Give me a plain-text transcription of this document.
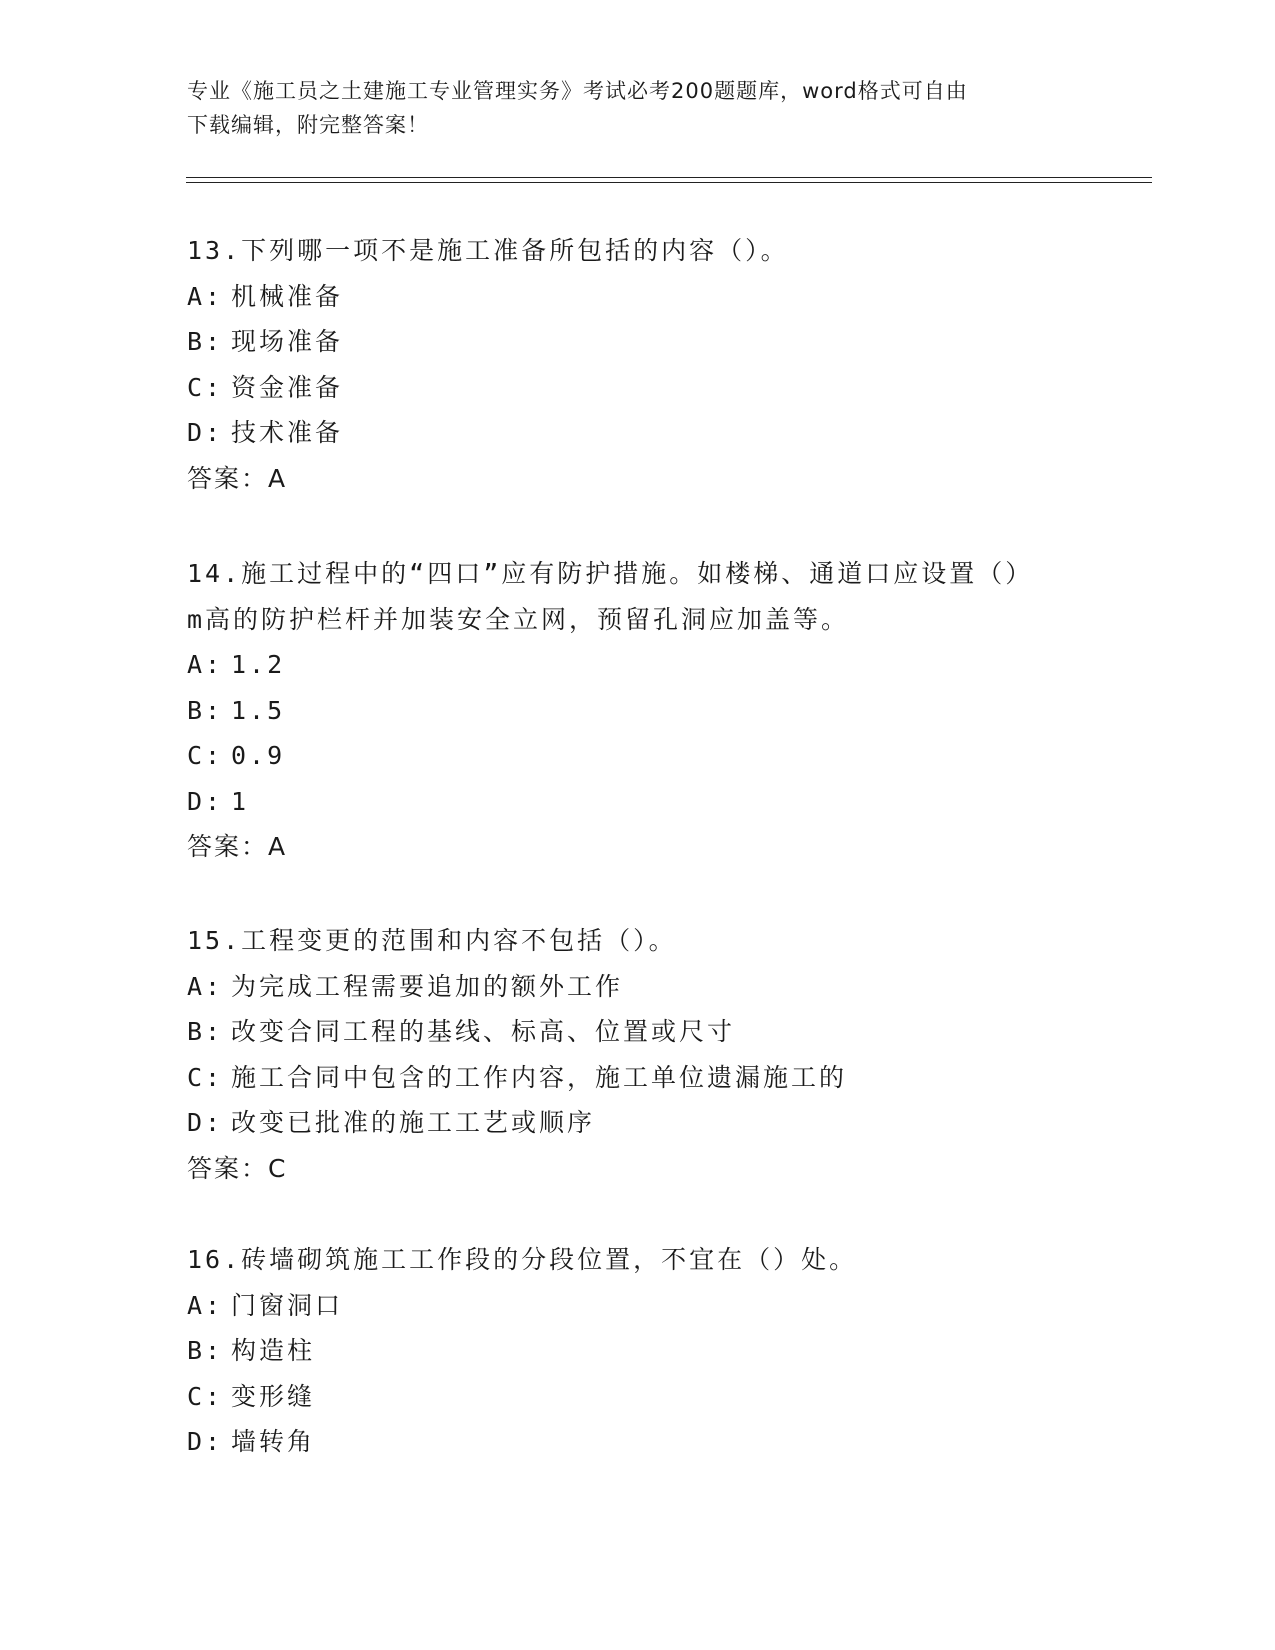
专业《施工员之土建施工专业管理实务》考试必考200题题库，word格式可自由
下载编辑，附完整答案！
13.下列哪一项不是施工准备所包括的内容（）。
A: 机械准备
B: 现场准备
C: 资金准备
D: 技术准备
答案：A
14.施工过程中的“四口”应有防护措施。如楼梯、通道口应设置（）
m高的防护栏杆并加装安全立网，预留孔洞应加盖等。
A: 1.2
B: 1.5
C: 0.9
D: 1
答案：A
15.工程变更的范围和内容不包括（）。
A: 为完成工程需要追加的额外工作
B: 改变合同工程的基线、标高、位置或尺寸
C: 施工合同中包含的工作内容，施工单位遗漏施工的
D: 改变已批准的施工工艺或顺序
答案：C
16.砖墙砌筑施工工作段的分段位置，不宜在（）处。
A: 门窗洞口
B: 构造柱
C: 变形缝
D: 墙转角
